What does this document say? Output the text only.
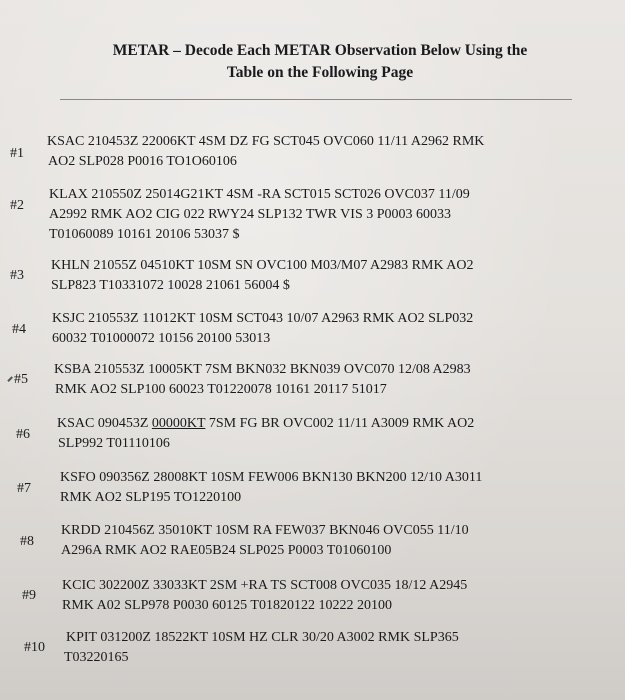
METAR – Decode Each METAR Observation Below Using the
Table on the Following Page
#1
KSAC 210453Z 22006KT 4SM DZ FG SCT045 OVC060 11/11 A2962 RMK
AO2 SLP028 P0016 TO1O60106
#2
KLAX 210550Z 25014G21KT 4SM -RA SCT015 SCT026 OVC037 11/09
A2992 RMK AO2 CIG 022 RWY24 SLP132 TWR VIS 3 P0003 60033
T01060089 10161 20106 53037 $
#3
KHLN 21055Z 04510KT 10SM SN OVC100 M03/M07 A2983 RMK AO2
SLP823 T10331072 10028 21061 56004 $
#4
KSJC 210553Z 11012KT 10SM SCT043 10/07 A2963 RMK AO2 SLP032
60032 T01000072 10156 20100 53013
#5
KSBA 210553Z 10005KT 7SM BKN032 BKN039 OVC070 12/08 A2983
RMK AO2 SLP100 60023 T01220078 10161 20117 51017
#6
KSAC 090453Z 00000KT 7SM FG BR OVC002 11/11 A3009 RMK AO2
SLP992 T01110106
#7
KSFO 090356Z 28008KT 10SM FEW006 BKN130 BKN200 12/10 A3011
RMK AO2 SLP195 TO1220100
#8
KRDD 210456Z 35010KT 10SM RA FEW037 BKN046 OVC055 11/10
A296A RMK AO2 RAE05B24 SLP025 P0003 T01060100
#9
KCIC 302200Z 33033KT 2SM +RA TS SCT008 OVC035 18/12 A2945
RMK A02 SLP978 P0030 60125 T01820122 10222 20100
#10
KPIT 031200Z 18522KT 10SM HZ CLR 30/20 A3002 RMK SLP365
T03220165
